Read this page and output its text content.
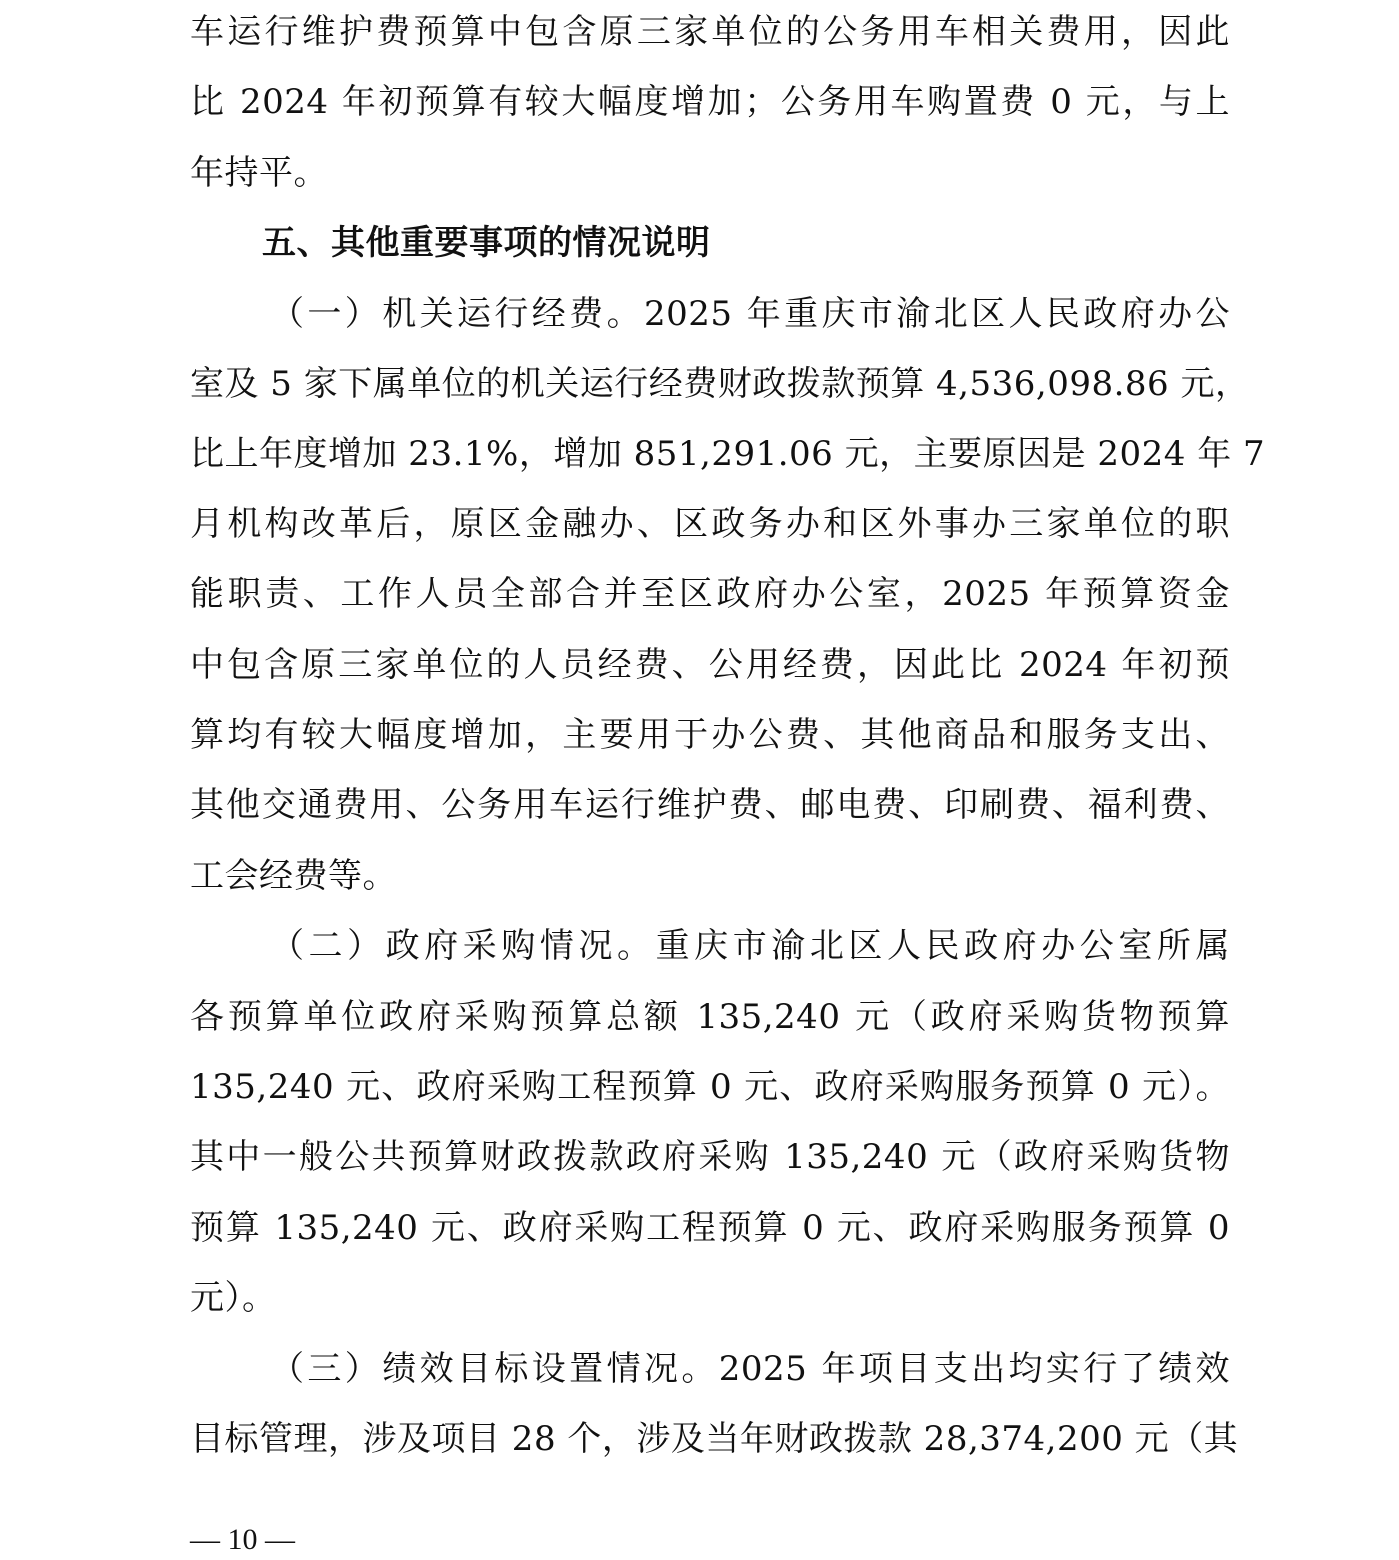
车运行维护费预算中包含原三家单位的公务用车相关费用，因此
比 2024 年初预算有较大幅度增加；公务用车购置费 0 元，与上
年持平。
五、其他重要事项的情况说明
（一）机关运行经费。2025 年重庆市渝北区人民政府办公
室及 5 家下属单位的机关运行经费财政拨款预算 4,536,098.86 元，
比上年度增加 23.1%，增加 851,291.06 元，主要原因是 2024 年 7
月机构改革后，原区金融办、区政务办和区外事办三家单位的职
能职责、工作人员全部合并至区政府办公室，2025 年预算资金
中包含原三家单位的人员经费、公用经费，因此比 2024 年初预
算均有较大幅度增加，主要用于办公费、其他商品和服务支出、
其他交通费用、公务用车运行维护费、邮电费、印刷费、福利费、
工会经费等。
（二）政府采购情况。重庆市渝北区人民政府办公室所属
各预算单位政府采购预算总额 135,240 元（政府采购货物预算
135,240 元、政府采购工程预算 0 元、政府采购服务预算 0 元）。
其中一般公共预算财政拨款政府采购 135,240 元（政府采购货物
预算 135,240 元、政府采购工程预算 0 元、政府采购服务预算 0
元）。
（三）绩效目标设置情况。2025 年项目支出均实行了绩效
目标管理，涉及项目 28 个，涉及当年财政拨款 28,374,200 元（其
— 10 —
